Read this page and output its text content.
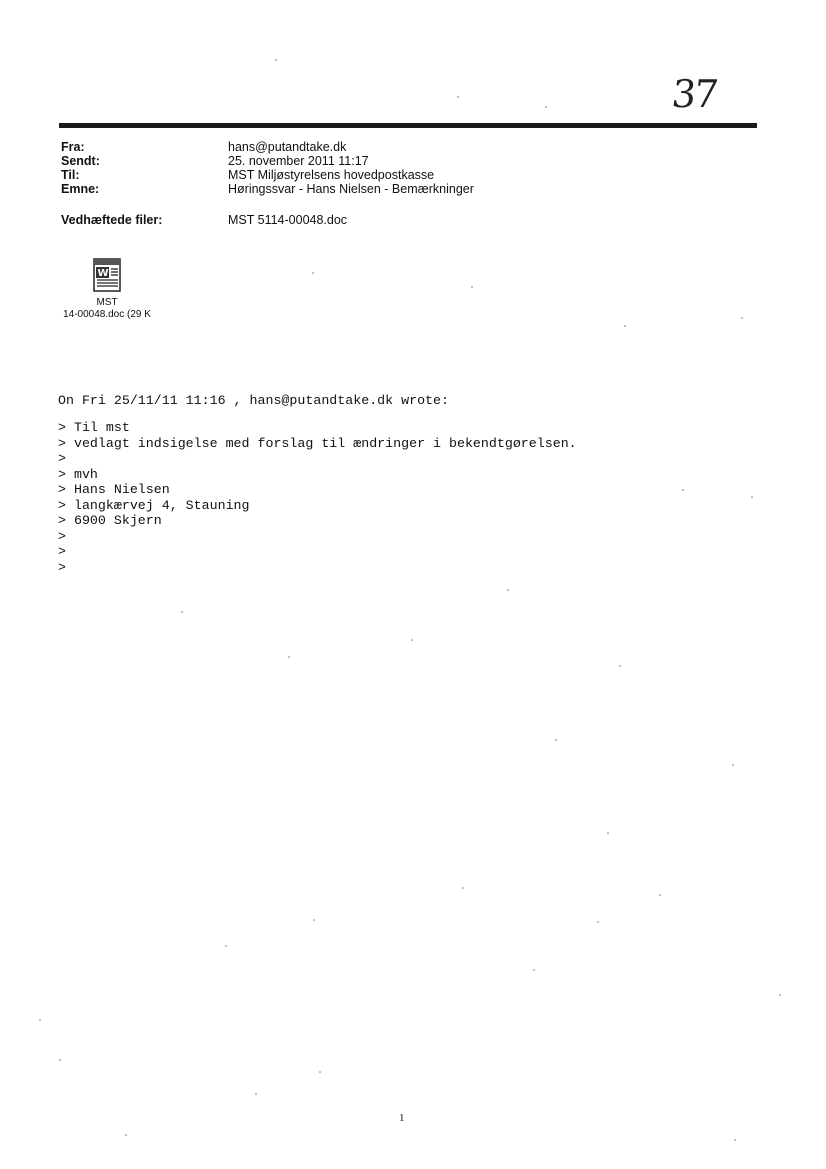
37
Fra:	hans@putandtake.dk
Sendt:	25. november 2011 11:17
Til:	MST Miljøstyrelsens hovedpostkasse
Emne:	Høringssvar - Hans Nielsen - Bemærkninger
Vedhæftede filer:	MST 5114-00048.doc
W
MST
14-00048.doc (29 K
On Fri 25/11/11 11:16 , hans@putandtake.dk wrote:
> Til mst
> vedlagt indsigelse med forslag til ændringer i bekendtgørelsen.
>
> mvh
> Hans Nielsen
> langkærvej 4, Stauning
> 6900 Skjern
>
>
>
1
